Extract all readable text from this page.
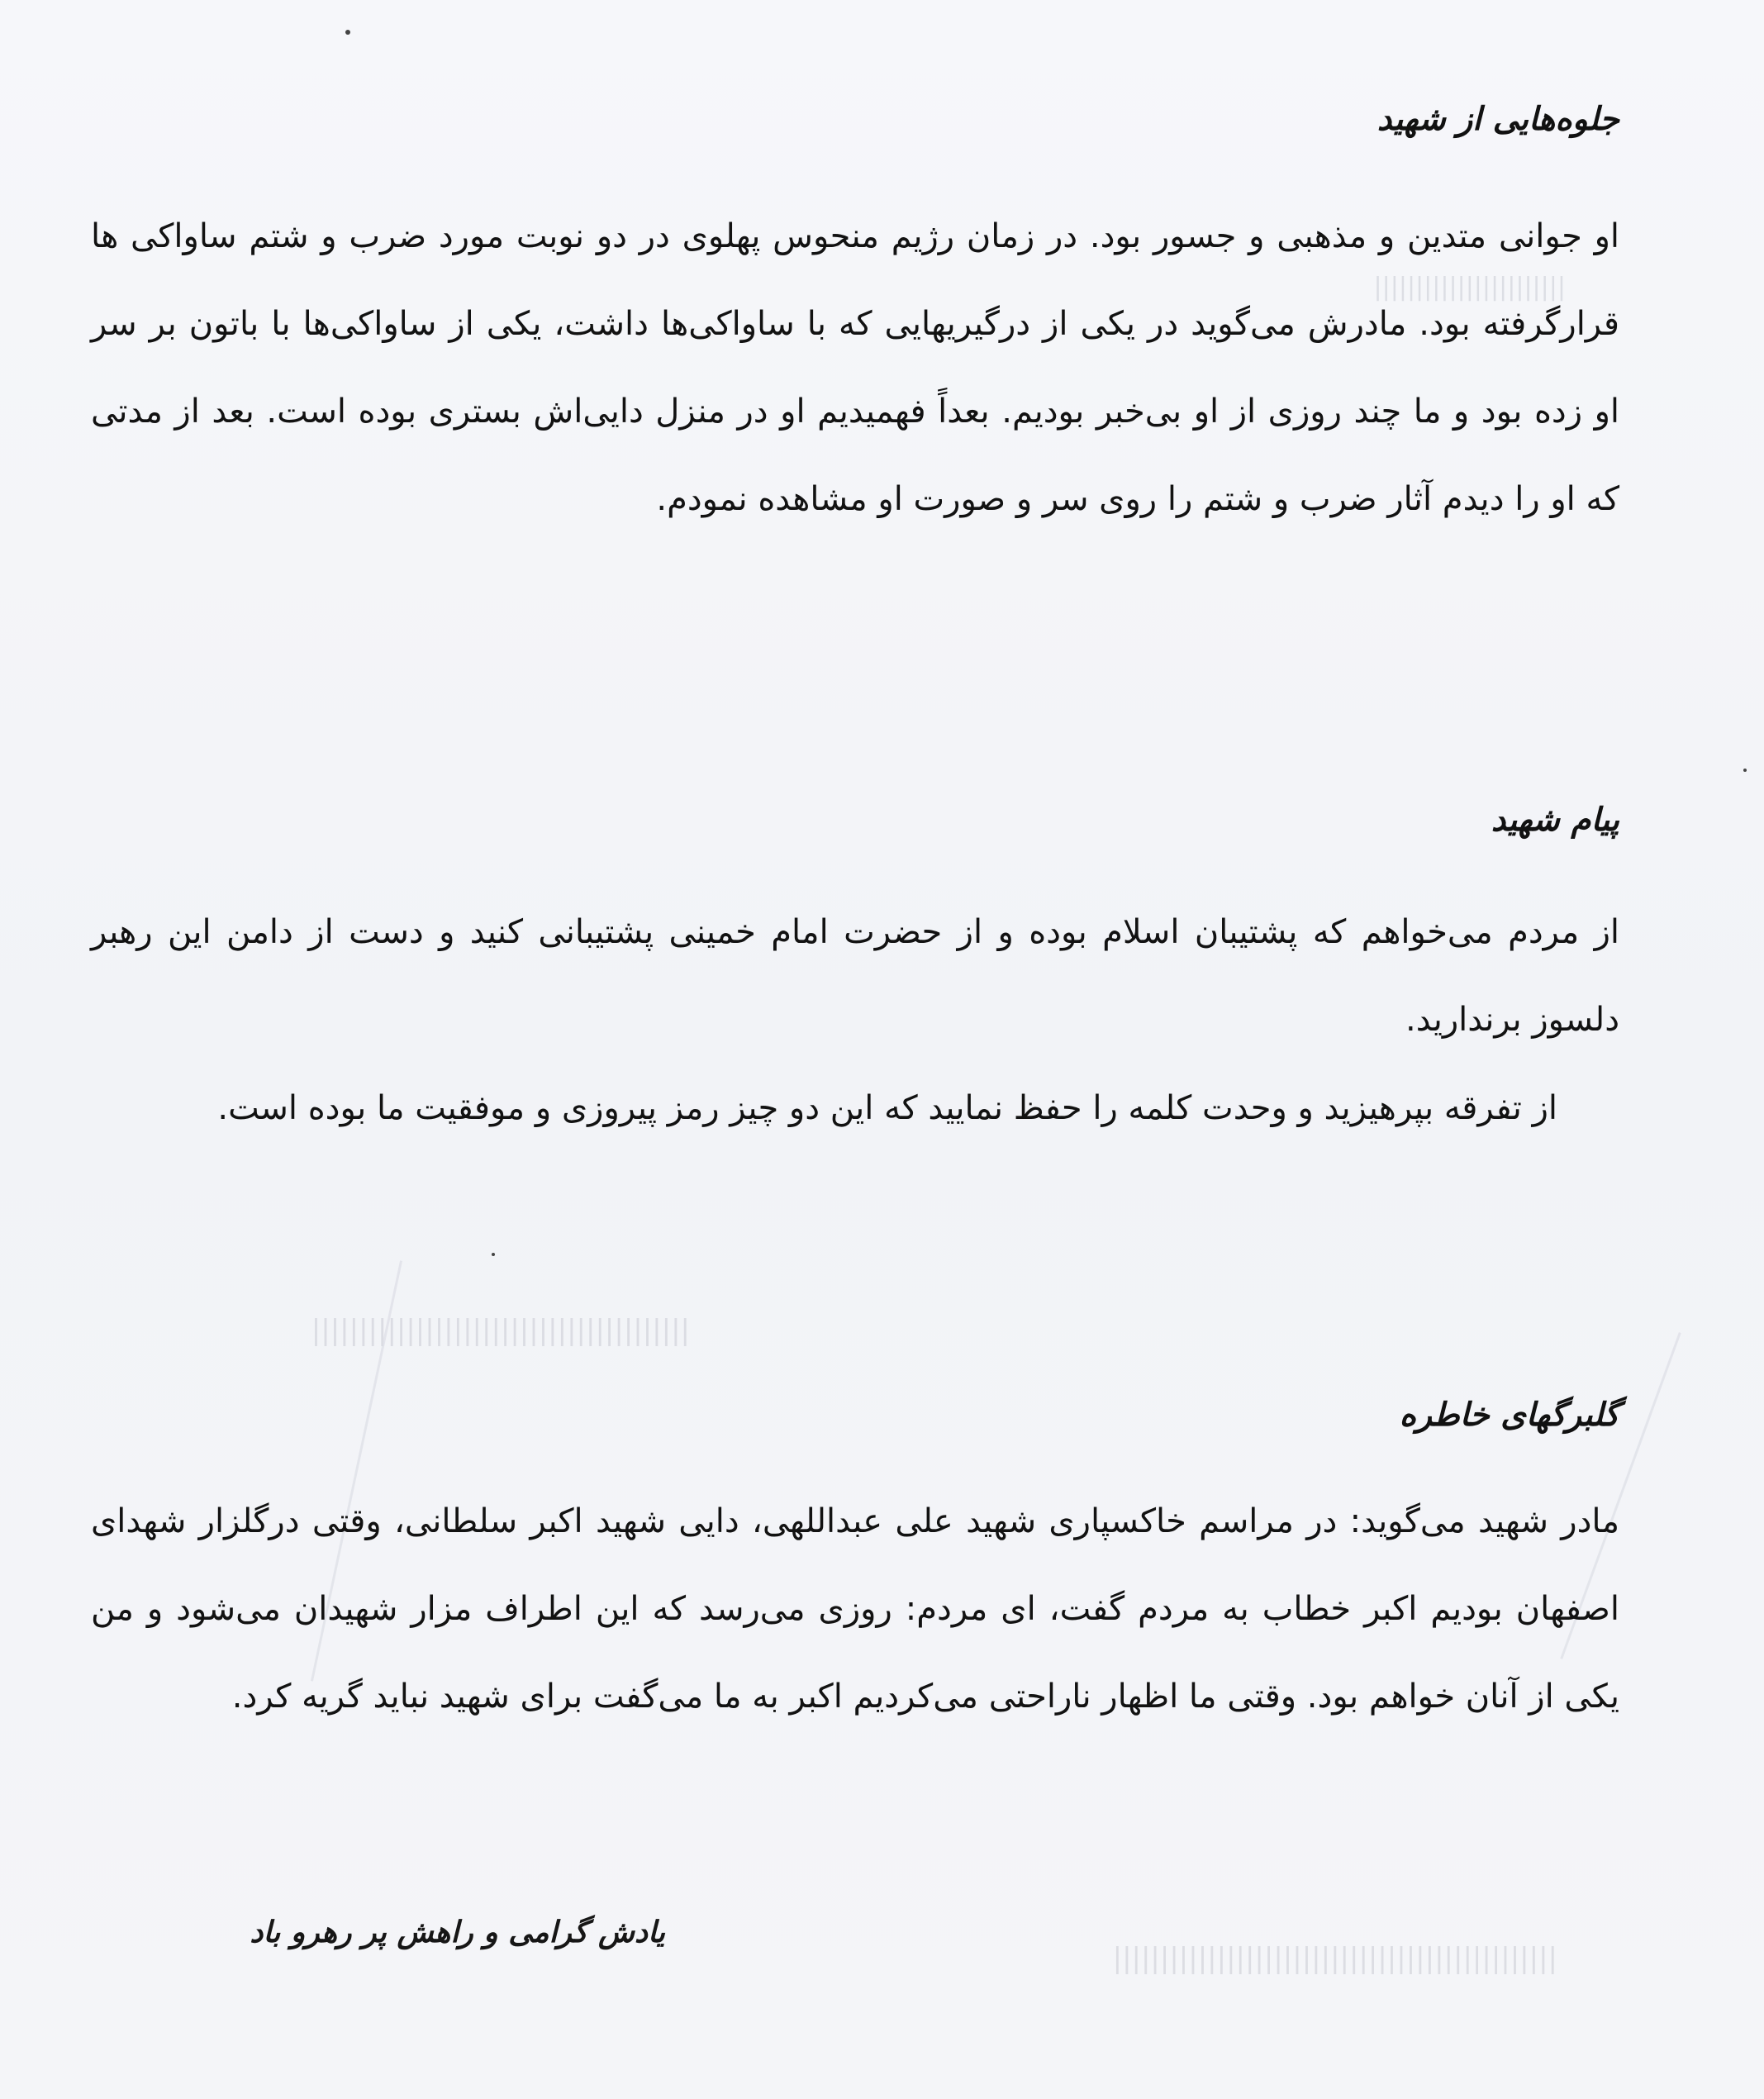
|||||||||||||||||||||||
||||||||||||||||||||||||||||||||||||||||
|||||||||||||||||||||||||||||||||||||||||||||||
جلوه‌هایی از شهید
او جوانی متدین و مذهبی و جسور بود. در زمان رژیم منحوس پهلوی در دو نوبت مورد ضرب و شتم ساواکی ها قرارگرفته بود. مادرش می‌گوید در یکی از درگیریهایی که با ساواکی‌ها داشت، یکی از ساواکی‌ها با باتون بر سر او زده بود و ما چند روزی از او بی‌خبر بودیم. بعداً فهمیدیم او در منزل دایی‌اش بستری بوده است. بعد از مدتی که او را دیدم آثار ضرب و شتم را روی سر و صورت او مشاهده نمودم.
پیام شهید
از مردم می‌خواهم که پشتیبان اسلام بوده و از حضرت امام خمینی پشتیبانی کنید و دست از دامن این رهبر دلسوز برندارید.
از تفرقه بپرهیزید و وحدت کلمه را حفظ نمایید که این دو چیز رمز پیروزی و موفقیت ما بوده است.
گلبرگهای خاطره
مادر شهید می‌گوید: در مراسم خاکسپاری شهید علی عبداللهی، دایی شهید اکبر سلطانی، وقتی درگلزار شهدای اصفهان بودیم اکبر خطاب به مردم گفت، ای مردم: روزی می‌رسد که این اطراف مزار شهیدان می‌شود و من یکی از آنان خواهم بود. وقتی ما اظهار ناراحتی می‌کردیم اکبر به ما می‌گفت برای شهید نباید گریه کرد.
یادش گرامی و راهش پر رهرو باد
